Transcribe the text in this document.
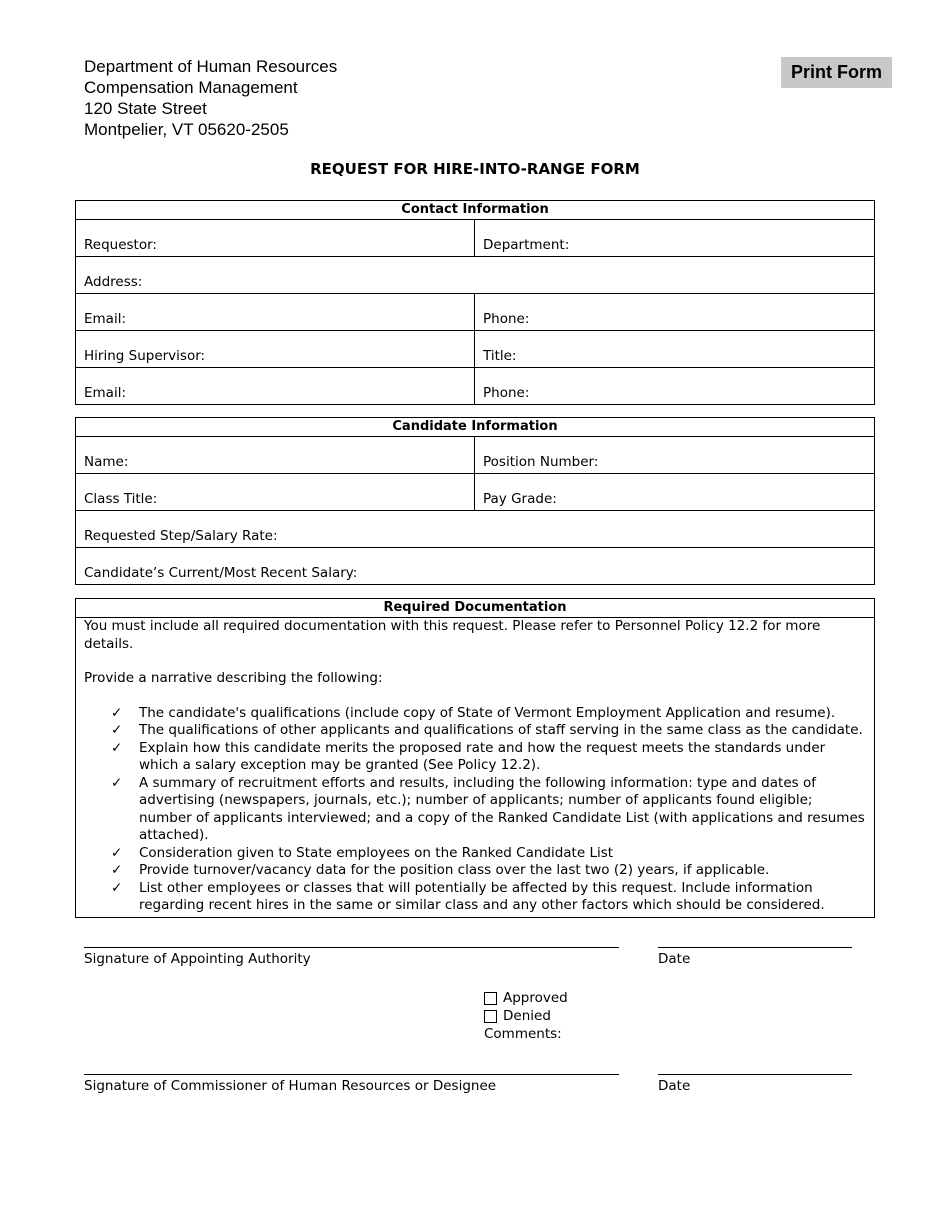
Department of Human Resources
Compensation Management
120 State Street
Montpelier, VT 05620-2505
Print Form
REQUEST FOR HIRE-INTO-RANGE FORM
Contact Information
Requestor:	Department:
Address:
Email:	Phone:
Hiring Supervisor:	Title:
Email:	Phone:
Candidate Information
Name:	Position Number:
Class Title:	Pay Grade:
Requested Step/Salary Rate:
Candidate’s Current/Most Recent Salary:
Required Documentation

You must include all required documentation with this request. Please refer to Personnel Policy 12.2 for more details.

Provide a narrative describing the following:

✓ The candidate's qualifications (include copy of State of Vermont Employment Application and resume).
✓ The qualifications of other applicants and qualifications of staff serving in the same class as the candidate.
✓ Explain how this candidate merits the proposed rate and how the request meets the standards under which a salary exception may be granted (See Policy 12.2).
✓ A summary of recruitment efforts and results, including the following information: type and dates of advertising (newspapers, journals, etc.); number of applicants; number of applicants found eligible; number of applicants interviewed; and a copy of the Ranked Candidate List (with applications and resumes attached).
✓ Consideration given to State employees on the Ranked Candidate List
✓ Provide turnover/vacancy data for the position class over the last two (2) years, if applicable.
✓ List other employees or classes that will potentially be affected by this request. Include information regarding recent hires in the same or similar class and any other factors which should be considered.
Signature of Appointing Authority	Date
Approved
Denied
Comments:
Signature of Commissioner of Human Resources or Designee	Date
